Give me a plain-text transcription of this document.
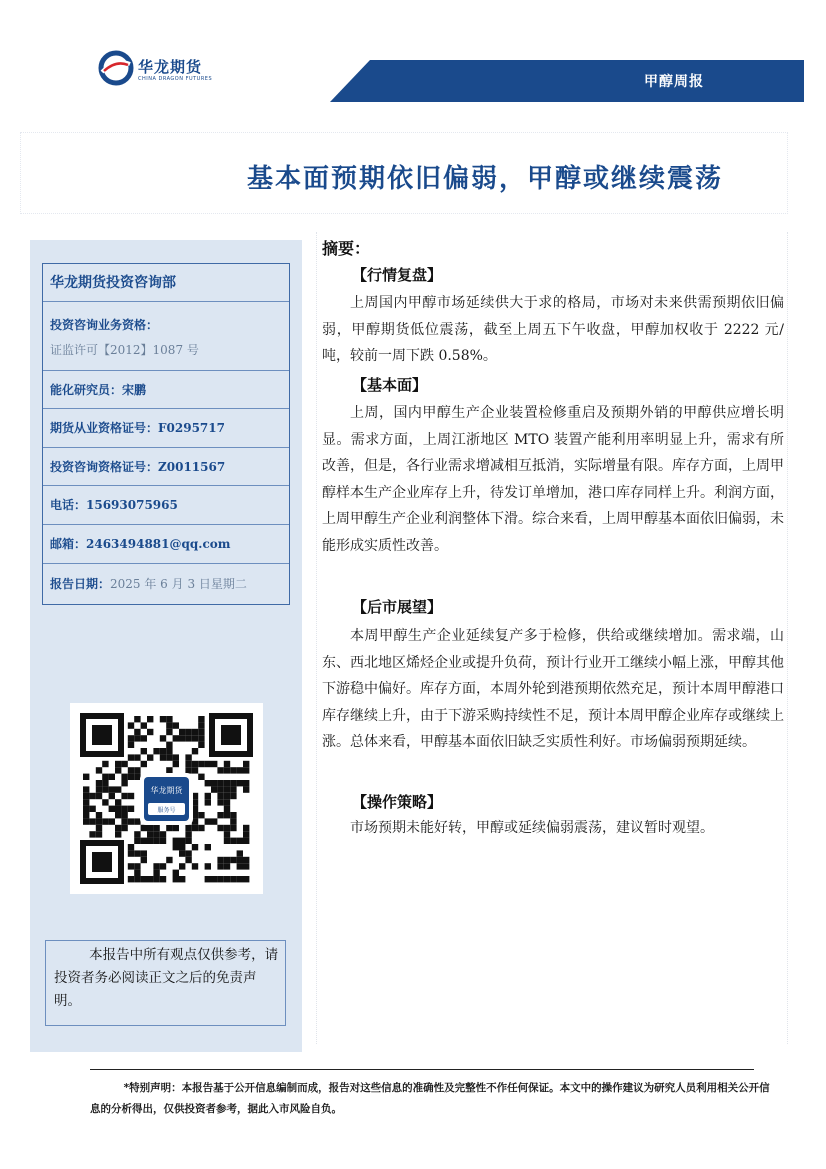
华龙期货
CHINA DRAGON FUTURES	甲醇周报
基本面预期依旧偏弱，甲醇或继续震荡
华龙期货投资咨询部
投资咨询业务资格：
证监许可【2012】1087 号
能化研究员：宋鹏
期货从业资格证号：F0295717
投资咨询资格证号：Z0011567
电话：15693075965
邮箱：2463494881@qq.com
报告日期：2025 年 6 月 3 日星期二
华龙期货
服务号
本报告中所有观点仅供参考，请投资者务必阅读正文之后的免责声明。
摘要：
【行情复盘】
上周国内甲醇市场延续供大于求的格局，市场对未来供需预期依旧偏弱，甲醇期货低位震荡，截至上周五下午收盘，甲醇加权收于 2222 元/吨，较前一周下跌 0.58%。
【基本面】
上周，国内甲醇生产企业装置检修重启及预期外销的甲醇供应增长明显。需求方面，上周江浙地区 MTO 装置产能利用率明显上升，需求有所改善，但是，各行业需求增减相互抵消，实际增量有限。库存方面，上周甲醇样本生产企业库存上升，待发订单增加，港口库存同样上升。利润方面，上周甲醇生产企业利润整体下滑。综合来看，上周甲醇基本面依旧偏弱，未能形成实质性改善。
【后市展望】
本周甲醇生产企业延续复产多于检修，供给或继续增加。需求端，山东、西北地区烯烃企业或提升负荷，预计行业开工继续小幅上涨，甲醇其他下游稳中偏好。库存方面，本周外轮到港预期依然充足，预计本周甲醇港口库存继续上升，由于下游采购持续性不足，预计本周甲醇企业库存或继续上涨。总体来看，甲醇基本面依旧缺乏实质性利好。市场偏弱预期延续。
【操作策略】
市场预期未能好转，甲醇或延续偏弱震荡，建议暂时观望。
*特别声明：本报告基于公开信息编制而成，报告对这些信息的准确性及完整性不作任何保证。本文中的操作建议为研究人员利用相关公开信息的分析得出，仅供投资者参考，据此入市风险自负。
